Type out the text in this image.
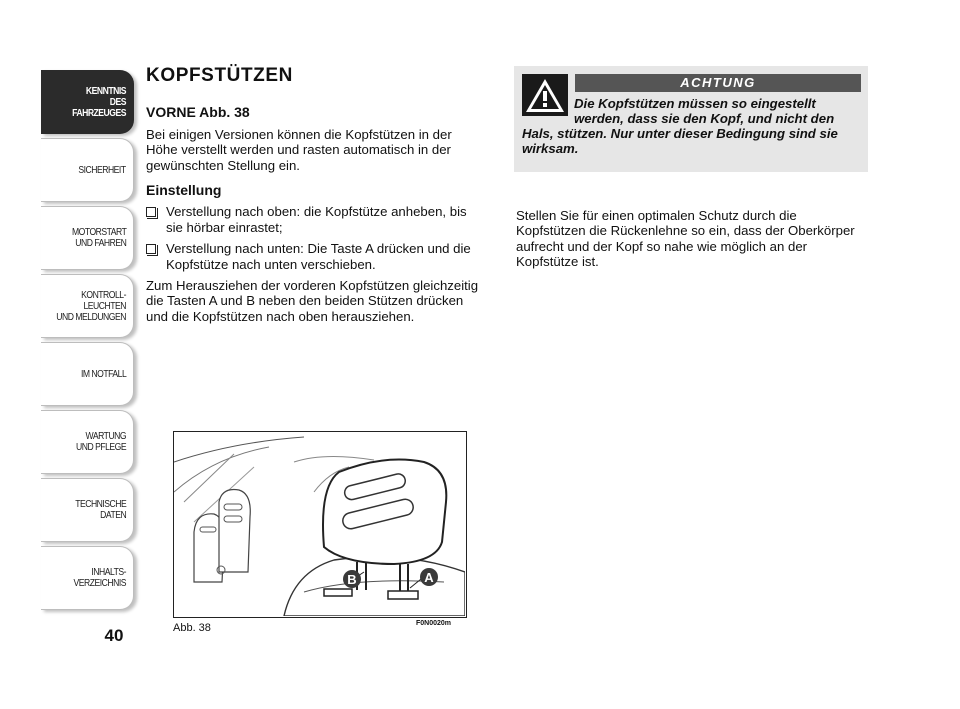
KENNTNIS
DES FAHRZEUGES
SICHERHEIT
MOTORSTART
UND FAHREN
KONTROLL-
LEUCHTEN
UND MELDUNGEN
IM NOTFALL
WARTUNG
UND PFLEGE
TECHNISCHE
DATEN
INHALTS-
VERZEICHNIS
40
KOPFSTÜTZEN
VORNE Abb. 38

Bei einigen Versionen können die Kopfstützen in der Höhe verstellt werden und rasten automatisch in der gewünschten Stellung ein.

Einstellung
Verstellung nach oben: die Kopfstütze anheben, bis sie hörbar einrastet;
Verstellung nach unten: Die Taste A drücken und die Kopfstütze nach unten verschieben.

Zum Herausziehen der vorderen Kopfstützen gleichzeitig die Tasten A und B neben den beiden Stützen drücken und die Kopfstützen nach oben herausziehen.

ACHTUNG

Die Kopfstützen müssen so eingestellt werden, dass sie den Kopf, und nicht den Hals, stützen. Nur unter dieser Bedingung sind sie wirksam.

Stellen Sie für einen optimalen Schutz durch die Kopfstützen die Rückenlehne so ein, dass der Oberkörper aufrecht und der Kopf so nahe wie möglich an der Kopfstütze ist.

B	A
Abb. 38	F0N0020m
